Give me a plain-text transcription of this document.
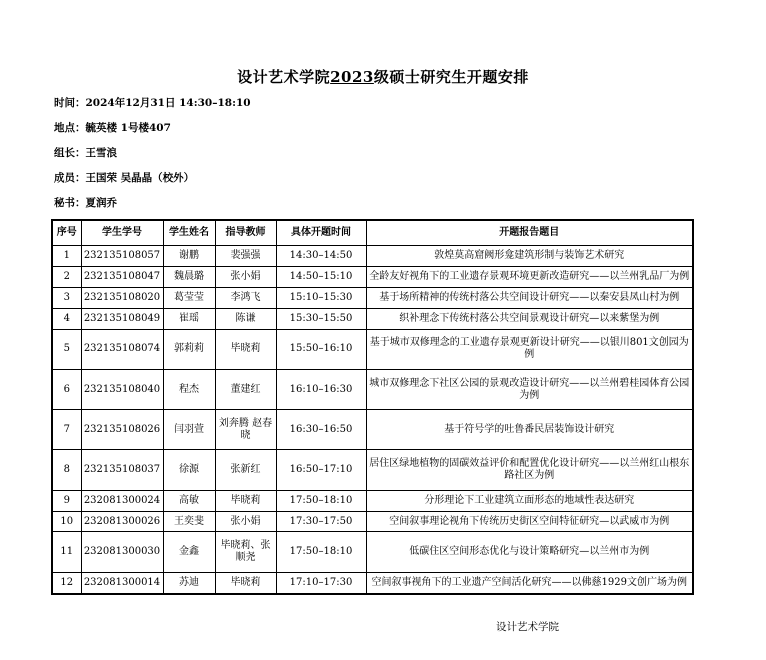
设计艺术学院2023级硕士研究生开题安排
时间：2024年12月31日 14:30–18:10
地点：毓英楼 1号楼407
组长：王雪浪
成员：王国荣 吴晶晶（校外）
秘书：夏润乔
序号	学生学号	学生姓名	指导教师	具体开题时间	开题报告题目
1	232135108057	谢鹏	裴强强	14:30–14:50	敦煌莫高窟阙形龛建筑形制与装饰艺术研究
2	232135108047	魏晨璐	张小娟	14:50–15:10	全龄友好视角下的工业遗存景观环境更新改造研究——以兰州乳品厂为例
3	232135108020	葛莹莹	李鸿飞	15:10–15:30	基于场所精神的传统村落公共空间设计研究——以秦安县凤山村为例
4	232135108049	崔瑶	陈谦	15:30–15:50	织补理念下传统村落公共空间景观设计研究—以来紫堡为例
5	232135108074	郭莉莉	毕晓莉	15:50–16:10	基于城市双修理念的工业遗存景观更新设计研究——以银川801文创园为例
6	232135108040	程杰	董建红	16:10–16:30	城市双修理念下社区公园的景观改造设计研究——以兰州碧桂园体育公园为例
7	232135108026	闫羽萱	刘奔腾 赵春晓	16:30–16:50	基于符号学的吐鲁番民居装饰设计研究
8	232135108037	徐源	张新红	16:50–17:10	居住区绿地植物的固碳效益评价和配置优化设计研究——以兰州红山根东路社区为例
9	232081300024	高敏	毕晓莉	17:50–18:10	分形理论下工业建筑立面形态的地域性表达研究
10	232081300026	王奕斐	张小娟	17:30–17:50	空间叙事理论视角下传统历史街区空间特征研究—以武威市为例
11	232081300030	金鑫	毕晓莉、张顺尧	17:50–18:10	低碳住区空间形态优化与设计策略研究—以兰州市为例
12	232081300014	苏迪	毕晓莉	17:10–17:30	空间叙事视角下的工业遗产空间活化研究——以佛慈1929文创广场为例
设计艺术学院
